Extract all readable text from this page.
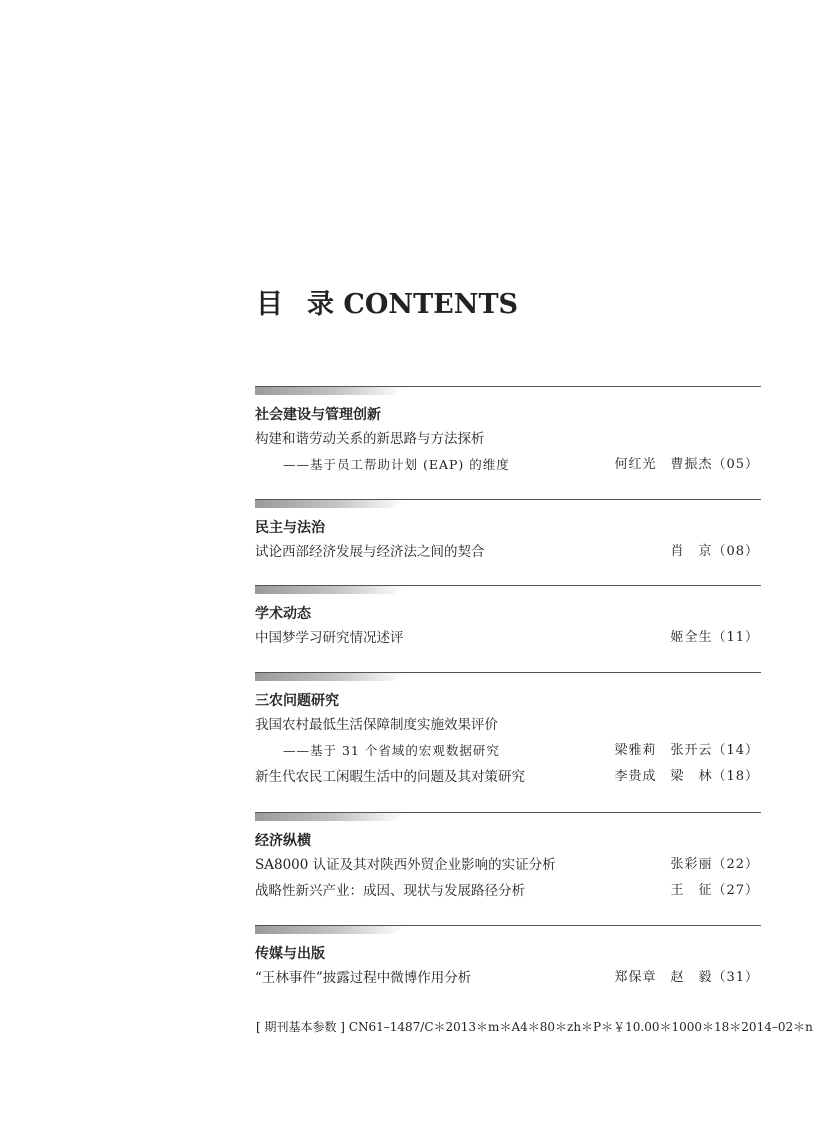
目 录 CONTENTS
社会建设与管理创新
构建和谐劳动关系的新思路与方法探析
——基于员工帮助计划 (EAP) 的维度	何红光　曹振杰（05）
民主与法治
试论西部经济发展与经济法之间的契合	肖　京（08）
学术动态
中国梦学习研究情况述评	姬全生（11）
三农问题研究
我国农村最低生活保障制度实施效果评价
——基于 31 个省域的宏观数据研究	梁雅莉　张开云（14）
新生代农民工闲暇生活中的问题及其对策研究	李贵成　梁　林（18）
经济纵横
SA8000 认证及其对陕西外贸企业影响的实证分析	张彩丽（22）
战略性新兴产业：成因、现状与发展路径分析	王　征（27）
传媒与出版
“王林事件”披露过程中微博作用分析	郑保章　赵　毅（31）
[ 期刊基本参数 ] CN61–1487/C＊2013＊m＊A4＊80＊zh＊P＊￥10.00＊1000＊18＊2014–02＊n
